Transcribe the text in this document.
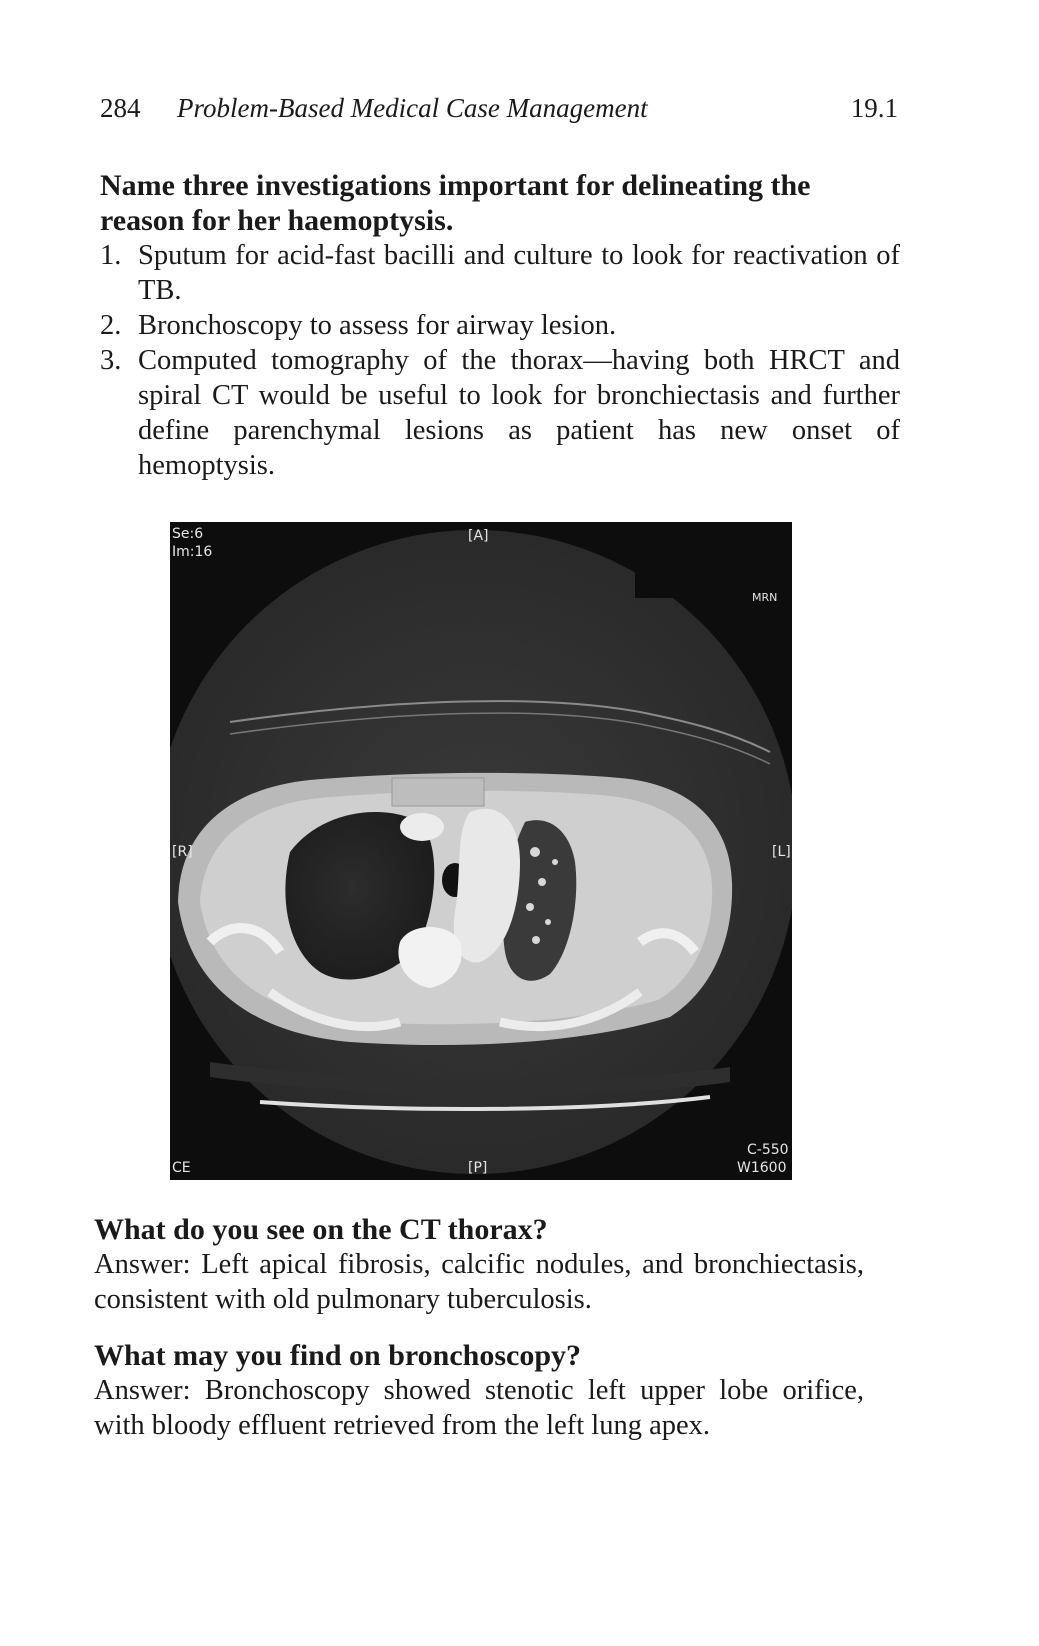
284 Problem-Based Medical Case Management	19.1

Name three investigations important for delineating the reason for her haemoptysis.

1. Sputum for acid-fast bacilli and culture to look for reactivation of TB.
2. Bronchoscopy to assess for airway lesion.
3. Computed tomography of the thorax—having both HRCT and spiral CT would be useful to look for bronchiectasis and further define parenchymal lesions as patient has new onset of hemoptysis.
Se:6
Im:16
[A]
MRN
[R]	[L]
CE	[P]
C-550
W1600

What do you see on the CT thorax?

Answer: Left apical fibrosis, calcific nodules, and bronchiectasis, consistent with old pulmonary tuberculosis.

What may you find on bronchoscopy?

Answer: Bronchoscopy showed stenotic left upper lobe orifice, with bloody effluent retrieved from the left lung apex.
